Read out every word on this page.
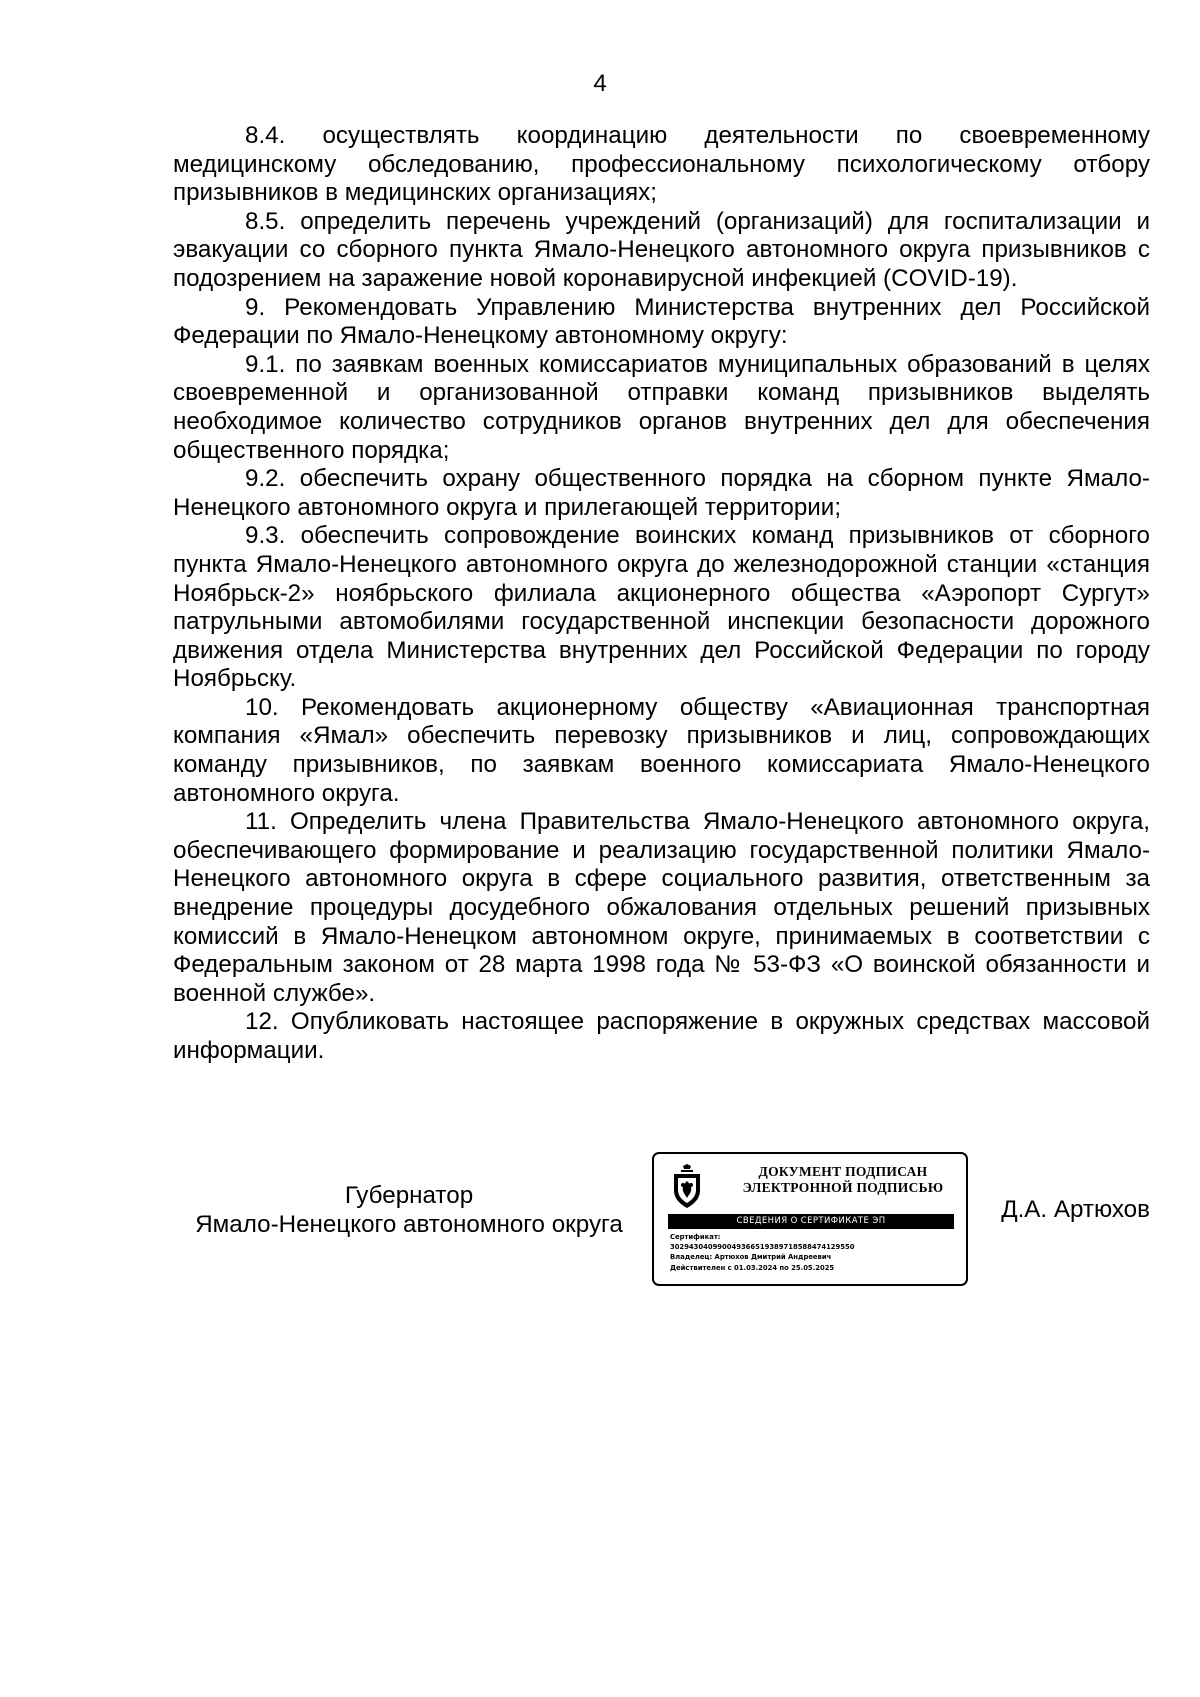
4

8.4. осуществлять координацию деятельности по своевременному медицинскому обследованию, профессиональному психологическому отбору призывников в медицинских организациях;

8.5. определить перечень учреждений (организаций) для госпитализации и эвакуации со сборного пункта Ямало-Ненецкого автономного округа призывников с подозрением на заражение новой коронавирусной инфекцией (COVID-19).

9. Рекомендовать Управлению Министерства внутренних дел Российской Федерации по Ямало-Ненецкому автономному округу:

9.1. по заявкам военных комиссариатов муниципальных образований в целях своевременной и организованной отправки команд призывников выделять необходимое количество сотрудников органов внутренних дел для обеспечения общественного порядка;

9.2. обеспечить охрану общественного порядка на сборном пункте Ямало-Ненецкого автономного округа и прилегающей территории;

9.3. обеспечить сопровождение воинских команд призывников от сборного пункта Ямало-Ненецкого автономного округа до железнодорожной станции «станция Ноябрьск-2» ноябрьского филиала акционерного общества «Аэропорт Сургут» патрульными автомобилями государственной инспекции безопасности дорожного движения отдела Министерства внутренних дел Российской Федерации по городу Ноябрьску.

10. Рекомендовать акционерному обществу «Авиационная транспортная компания «Ямал» обеспечить перевозку призывников и лиц, сопровождающих команду призывников, по заявкам военного комиссариата Ямало-Ненецкого автономного округа.

11. Определить члена Правительства Ямало-Ненецкого автономного округа, обеспечивающего формирование и реализацию государственной политики Ямало-Ненецкого автономного округа в сфере социального развития, ответственным за внедрение процедуры досудебного обжалования отдельных решений призывных комиссий в Ямало-Ненецком автономном округе, принимаемых в соответствии с Федеральным законом от 28 марта 1998 года № 53-ФЗ «О воинской обязанности и военной службе».

12. Опубликовать настоящее распоряжение в окружных средствах массовой информации.

Губернатор
Ямало-Ненецкого автономного округа
ДОКУМЕНТ ПОДПИСАН
ЭЛЕКТРОННОЙ ПОДПИСЬЮ
СВЕДЕНИЯ О СЕРТИФИКАТЕ ЭП
Сертификат:
302943040990049366519389718588474129550
Владелец: Артюхов Дмитрий Андреевич
Действителен с 01.03.2024 по 25.05.2025
Д.А. Артюхов
